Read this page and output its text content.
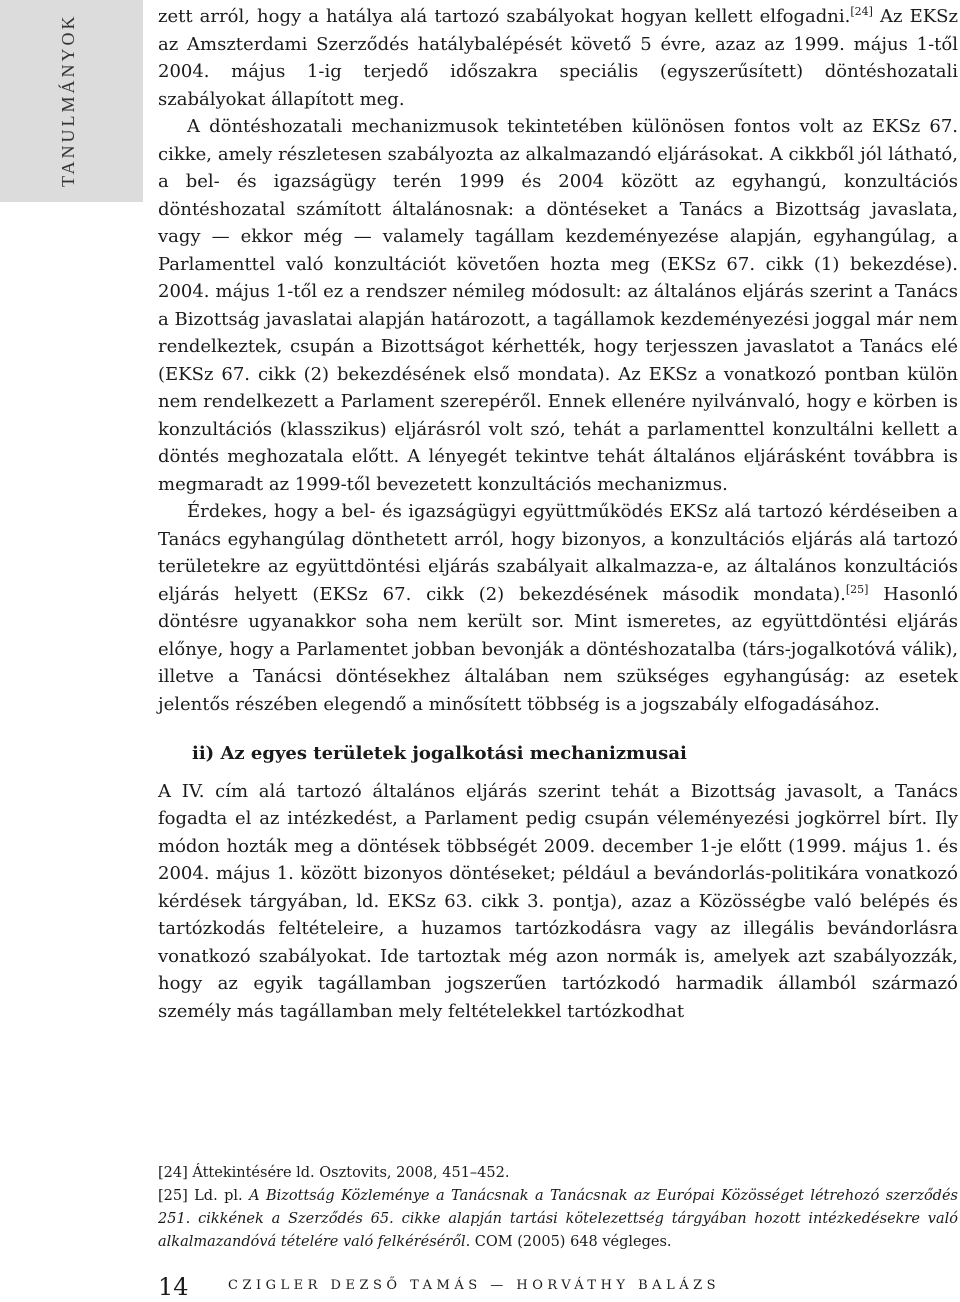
TANULMÁNYOK	zett arról, hogy a hatálya alá tartozó szabályokat hogyan kellett elfogadni.[24] Az EKSz az Amszterdami Szerződés hatálybalépését követő 5 évre, azaz az 1999. május 1-től 2004. május 1-ig terjedő időszakra speciális (egyszerűsített) döntéshozatali szabályokat állapított meg.

A döntéshozatali mechanizmusok tekintetében különösen fontos volt az EKSz 67. cikke, amely részletesen szabályozta az alkalmazandó eljárásokat. A cikkből jól látható, a bel- és igazságügy terén 1999 és 2004 között az egyhangú, konzultációs döntéshozatal számított általánosnak: a döntéseket a Tanács a Bizottság javaslata, vagy — ekkor még — valamely tagállam kezdeményezése alapján, egyhangúlag, a Parlamenttel való konzultációt követően hozta meg (EKSz 67. cikk (1) bekezdése). 2004. május 1-től ez a rendszer némileg módosult: az általános eljárás szerint a Tanács a Bizottság javaslatai alapján határozott, a tagállamok kezdeményezési joggal már nem rendelkeztek, csupán a Bizottságot kérhették, hogy terjesszen javaslatot a Tanács elé (EKSz 67. cikk (2) bekezdésének első mondata). Az EKSz a vonatkozó pontban külön nem rendelkezett a Parlament szerepéről. Ennek ellenére nyilvánvaló, hogy e körben is konzultációs (klasszikus) eljárásról volt szó, tehát a parlamenttel konzultálni kellett a döntés meghozatala előtt. A lényegét tekintve tehát általános eljárásként továbbra is megmaradt az 1999-től bevezetett konzultációs mechanizmus.

Érdekes, hogy a bel- és igazságügyi együttműködés EKSz alá tartozó kérdéseiben a Tanács egyhangúlag dönthetett arról, hogy bizonyos, a konzultációs eljárás alá tartozó területekre az együttdöntési eljárás szabályait alkalmazza-e, az általános konzultációs eljárás helyett (EKSz 67. cikk (2) bekezdésének második mondata).[25] Hasonló döntésre ugyanakkor soha nem került sor. Mint ismeretes, az együttdöntési eljárás előnye, hogy a Parlamentet jobban bevonják a döntéshozatalba (társ-jogalkotóvá válik), illetve a Tanácsi döntésekhez általában nem szükséges egyhangúság: az esetek jelentős részében elegendő a minősített többség is a jogszabály elfogadásához.

ii) Az egyes területek jogalkotási mechanizmusai

A IV. cím alá tartozó általános eljárás szerint tehát a Bizottság javasolt, a Tanács fogadta el az intézkedést, a Parlament pedig csupán véleményezési jogkörrel bírt. Ily módon hozták meg a döntések többségét 2009. december 1-je előtt (1999. május 1. és 2004. május 1. között bizonyos döntéseket; például a bevándorlás-politikára vonatkozó kérdések tárgyában, ld. EKSz 63. cikk 3. pontja), azaz a Közösségbe való belépés és tartózkodás feltételeire, a huzamos tartózkodásra vagy az illegális bevándorlásra vonatkozó szabályokat. Ide tartoztak még azon normák is, amelyek azt szabályozzák, hogy az egyik tagállamban jogszerűen tartózkodó harmadik államból származó személy más tagállamban mely feltételekkel tartózkodhat

[24] Áttekintésére ld. Osztovits, 2008, 451–452.

[25] Ld. pl. A Bizottság Közleménye a Tanácsnak a Tanácsnak az Európai Közösséget létrehozó szerződés 251. cikkének a Szerződés 65. cikke alapján tartási kötelezettség tárgyában hozott intézkedésekre való alkalmazandóvá tételére való felkéréséről. COM (2005) 648 végleges.

14	CZIGLER DEZSŐ TAMÁS — HORVÁTHY BALÁZS
